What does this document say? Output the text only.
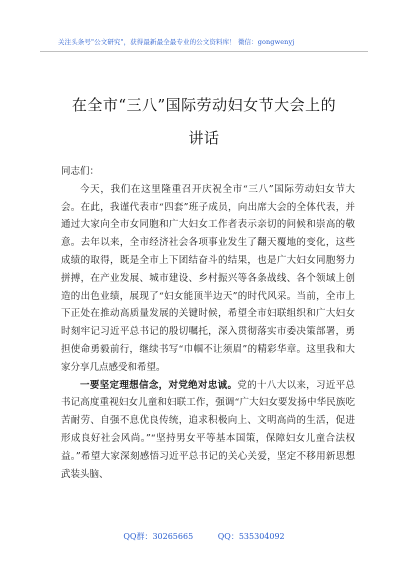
关注头条号"公文研究"，获得最新最全最专业的公文资料库！ 微信：gongwenyj
在全市“三八”国际劳动妇女节大会上的
讲话

同志们：

今天，我们在这里隆重召开庆祝全市“三八”国际劳动妇女节大会。在此，我谨代表市“四套”班子成员，向出席大会的全体代表，并通过大家向全市女同胞和广大妇女工作者表示亲切的问候和崇高的敬意。去年以来，全市经济社会各项事业发生了翻天覆地的变化，这些成绩的取得，既是全市上下团结奋斗的结果，也是广大妇女同胞努力拼搏，在产业发展、城市建设、乡村振兴等各条战线、各个领域上创造的出色业绩，展现了“妇女能顶半边天”的时代风采。当前，全市上下正处在推动高质量发展的关键时候，希望全市妇联组织和广大妇女时刻牢记习近平总书记的殷切嘱托，深入贯彻落实市委决策部署，勇担使命勇毅前行，继续书写“巾帼不让须眉”的精彩华章。这里我和大家分享几点感受和希望。

一要坚定理想信念，对党绝对忠诚。党的十八大以来，习近平总书记高度重视妇女儿童和妇联工作，强调“广大妇女要发扬中华民族吃苦耐劳、自强不息优良传统，追求积极向上、文明高尚的生活，促进形成良好社会风尚。”“坚持男女平等基本国策，保障妇女儿童合法权益。”希望大家深刻感悟习近平总书记的关心关爱，坚定不移用新思想武装头脑、

QQ群：30265665	QQ：535304092
